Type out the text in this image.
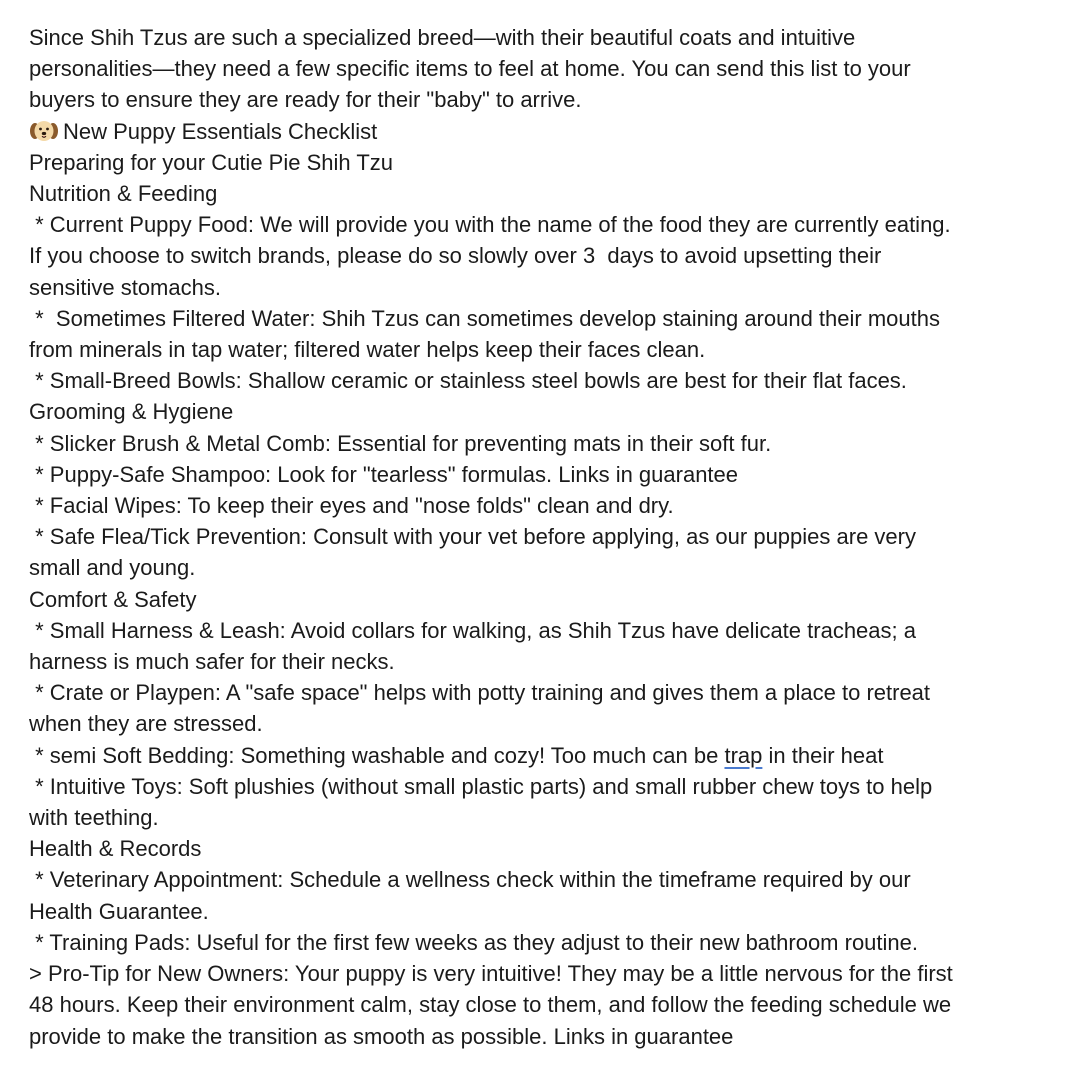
Since Shih Tzus are such a specialized breed—with their beautiful coats and intuitive
personalities—they need a few specific items to feel at home. You can send this list to your
buyers to ensure they are ready for their "baby" to arrive.
New Puppy Essentials Checklist
Preparing for your Cutie Pie Shih Tzu
Nutrition & Feeding
* Current Puppy Food: We will provide you with the name of the food they are currently eating.
If you choose to switch brands, please do so slowly over 3  days to avoid upsetting their
sensitive stomachs.
*  Sometimes Filtered Water: Shih Tzus can sometimes develop staining around their mouths
from minerals in tap water; filtered water helps keep their faces clean.
* Small-Breed Bowls: Shallow ceramic or stainless steel bowls are best for their flat faces.
Grooming & Hygiene
* Slicker Brush & Metal Comb: Essential for preventing mats in their soft fur.
* Puppy-Safe Shampoo: Look for "tearless" formulas. Links in guarantee
* Facial Wipes: To keep their eyes and "nose folds" clean and dry.
* Safe Flea/Tick Prevention: Consult with your vet before applying, as our puppies are very
small and young.
Comfort & Safety
* Small Harness & Leash: Avoid collars for walking, as Shih Tzus have delicate tracheas; a
harness is much safer for their necks.
* Crate or Playpen: A "safe space" helps with potty training and gives them a place to retreat
when they are stressed.
* semi Soft Bedding: Something washable and cozy! Too much can be trap in their heat
* Intuitive Toys: Soft plushies (without small plastic parts) and small rubber chew toys to help
with teething.
Health & Records
* Veterinary Appointment: Schedule a wellness check within the timeframe required by our
Health Guarantee.
* Training Pads: Useful for the first few weeks as they adjust to their new bathroom routine.
> Pro-Tip for New Owners: Your puppy is very intuitive! They may be a little nervous for the first
48 hours. Keep their environment calm, stay close to them, and follow the feeding schedule we
provide to make the transition as smooth as possible. Links in guarantee
